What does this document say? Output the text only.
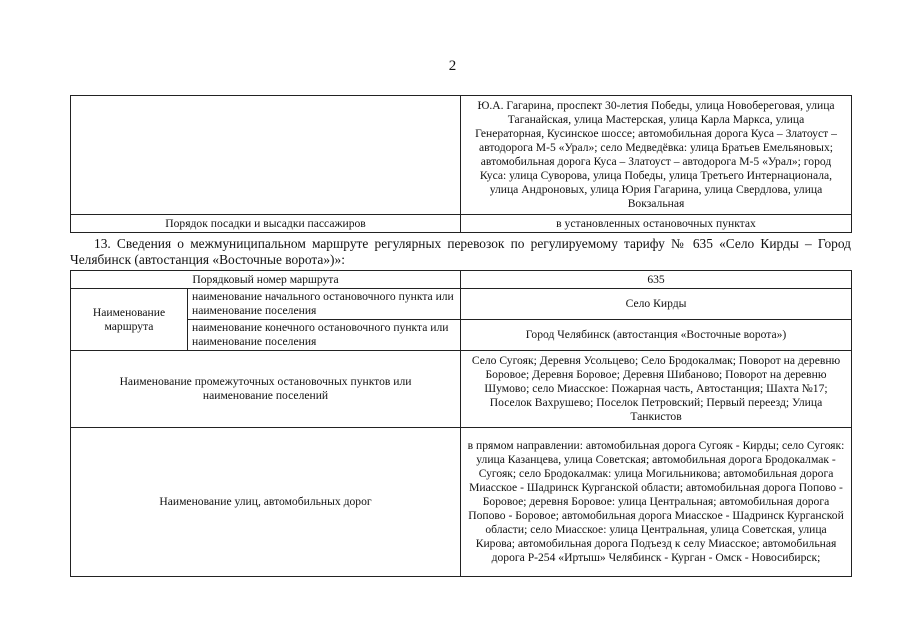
2
	Ю.А. Гагарина, проспект 30-летия Победы, улица Новобереговая, улица Таганайская, улица Мастерская, улица Карла Маркса, улица Генераторная, Кусинское шоссе; автомобильная дорога Куса – Златоуст – автодорога М-5 «Урал»; село Медведёвка: улица Братьев Емельяновых; автомобильная дорога Куса – Златоуст – автодорога М-5 «Урал»; город Куса: улица Суворова, улица Победы, улица Третьего Интернационала, улица Андроновых, улица Юрия Гагарина, улица Свердлова, улица Вокзальная
Порядок посадки и высадки пассажиров	в установленных остановочных пунктах

13. Сведения о межмуниципальном маршруте регулярных перевозок по регулируемому тарифу № 635 «Село Кирды – Город Челябинск (автостанция «Восточные ворота»)»:

Порядковый номер маршрута		635
Наименование маршрута	наименование начального остановочного пункта или наименование поселения	Село Кирды
	наименование конечного остановочного пункта или наименование поселения	Город Челябинск (автостанция «Восточные ворота»)
Наименование промежуточных остановочных пунктов или наименование поселений		Село Сугояк; Деревня Усольцево; Село Бродокалмак; Поворот на деревню Боровое; Деревня Боровое; Деревня Шибаново; Поворот на деревню Шумово; село Миасское: Пожарная часть, Автостанция; Шахта №17; Поселок Вахрушево; Поселок Петровский; Первый переезд; Улица Танкистов
Наименование улиц, автомобильных дорог		в прямом направлении: автомобильная дорога Сугояк - Кирды; село Сугояк: улица Казанцева, улица Советская; автомобильная дорога Бродокалмак - Сугояк; село Бродокалмак: улица Могильникова; автомобильная дорога Миасское - Шадринск Курганской области; автомобильная дорога Попово - Боровое; деревня Боровое: улица Центральная; автомобильная дорога Попово - Боровое; автомобильная дорога Миасское - Шадринск Курганской области; село Миасское: улица Центральная, улица Советская, улица Кирова; автомобильная дорога Подъезд к селу Миасское; автомобильная дорога Р-254 «Иртыш» Челябинск - Курган - Омск - Новосибирск;
